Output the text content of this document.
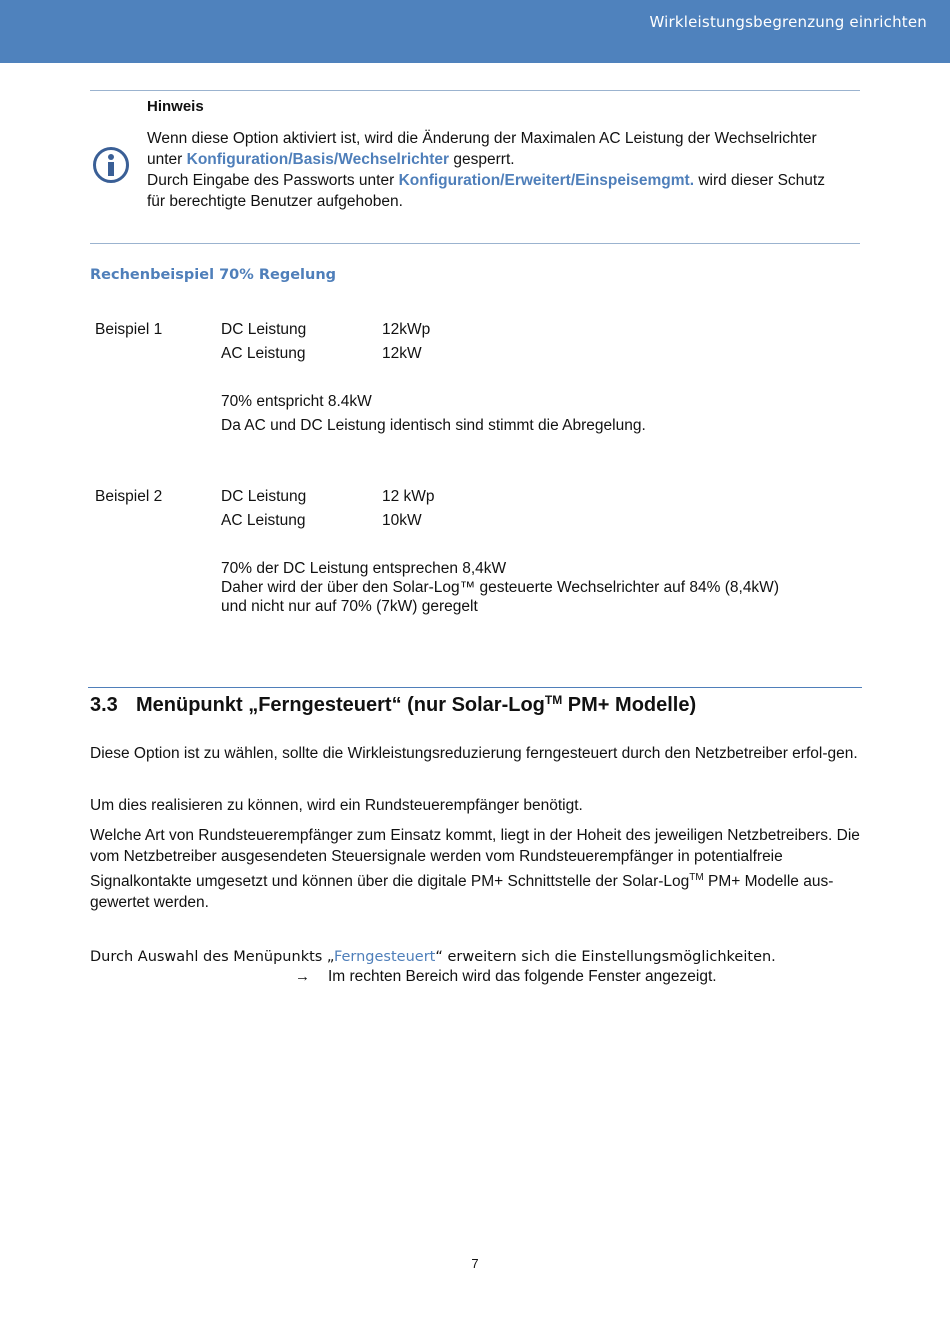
Wirkleistungsbegrenzung einrichten
Hinweis
Wenn diese Option aktiviert ist, wird die Änderung der Maximalen AC Leistung der Wechselrichter
unter Konfiguration/Basis/Wechselrichter gesperrt.
Durch Eingabe des Passworts unter Konfiguration/Erweitert/Einspeisemgmt. wird dieser Schutz
für berechtigte Benutzer aufgehoben.
Rechenbeispiel 70% Regelung
Beispiel 1	DC Leistung	12kWp
AC Leistung	12kW
70% entspricht 8.4kW
Da AC und DC Leistung identisch sind stimmt die Abregelung.
Beispiel 2	DC Leistung	12 kWp
AC Leistung	10kW
70% der DC Leistung entsprechen 8,4kW
Daher wird der über den Solar-Log™ gesteuerte Wechselrichter auf 84% (8,4kW)
und nicht nur auf 70% (7kW) geregelt
3.3 Menüpunkt „Ferngesteuert“ (nur Solar-Log™ PM+ Modelle)
Diese Option ist zu wählen, sollte die Wirkleistungsreduzierung ferngesteuert durch den Netzbetreiber erfol-gen.
Um dies realisieren zu können, wird ein Rundsteuerempfänger benötigt.
Welche Art von Rundsteuerempfänger zum Einsatz kommt, liegt in der Hoheit des jeweiligen Netzbetreibers. Die vom Netzbetreiber ausgesendeten Steuersignale werden vom Rundsteuerempfänger in potentialfreie Signalkontakte umgesetzt und können über die digitale PM+ Schnittstelle der Solar-Log™ PM+ Modelle aus-gewertet werden.
Durch Auswahl des Menüpunkts „Ferngesteuert“ erweitern sich die Einstellungsmöglichkeiten.
→ Im rechten Bereich wird das folgende Fenster angezeigt.
7
